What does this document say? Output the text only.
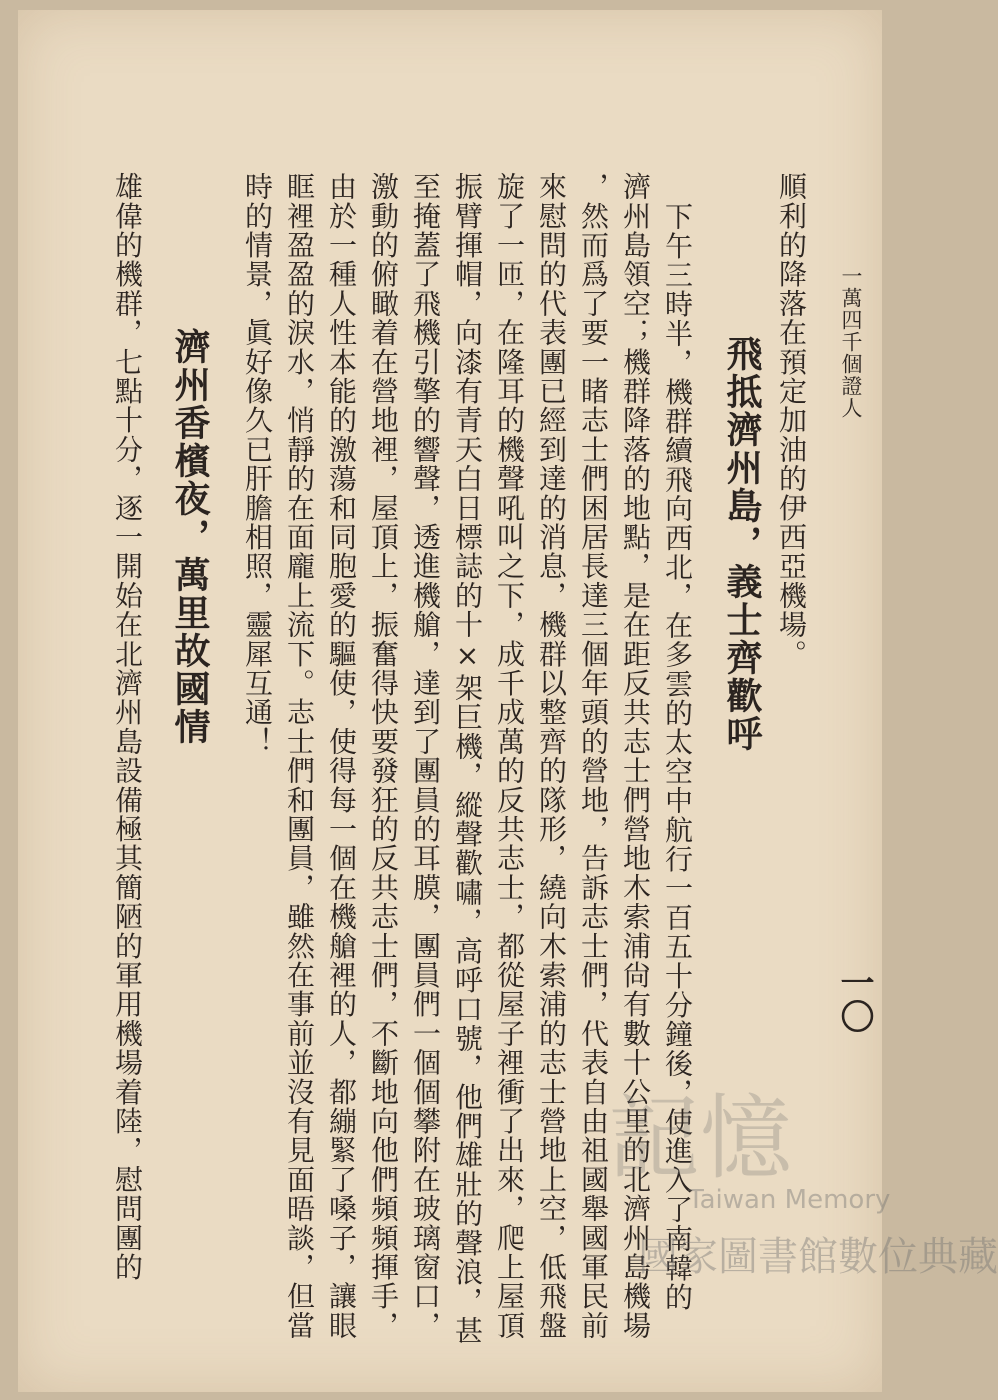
一萬四千個證人
一〇
順利的降落在預定加油的伊西亞機場。
飛抵濟州島，義士齊歡呼
下午三時半，機群續飛向西北，在多雲的太空中航行一百五十分鐘後，使進入了南韓的
濟州島領空；機群降落的地點，是在距反共志士們營地木索浦尙有數十公里的北濟州島機場
，然而爲了要一睹志士們困居長達三個年頭的營地，告訴志士們，代表自由祖國舉國軍民前
來慰問的代表團已經到達的消息，機群以整齊的隊形，繞向木索浦的志士營地上空，低飛盤
旋了一匝，在隆耳的機聲吼叫之下，成千成萬的反共志士，都從屋子裡衝了出來，爬上屋頂
振臂揮帽，向漆有青天白日標誌的十×架巨機，縱聲歡嘯，高呼口號，他們雄壯的聲浪，甚
至掩蓋了飛機引擎的響聲，透進機艙，達到了團員的耳膜，團員們一個個攀附在玻璃窗口，
激動的俯瞰着在營地裡，屋頂上，振奮得快要發狂的反共志士們，不斷地向他們頻頻揮手，
由於一種人性本能的激蕩和同胞愛的驅使，使得每一個在機艙裡的人，都繃緊了嗓子，讓眼
眶裡盈盈的淚水，悄靜的在面龐上流下。志士們和團員，雖然在事前並沒有見面晤談，但當
時的情景，眞好像久已肝膽相照，靈犀互通！
濟州香檳夜，萬里故國情
雄偉的機群，七點十分，逐一開始在北濟州島設備極其簡陋的軍用機場着陸，慰問團的	記憶
Taiwan Memory
國家圖書館數位典藏
